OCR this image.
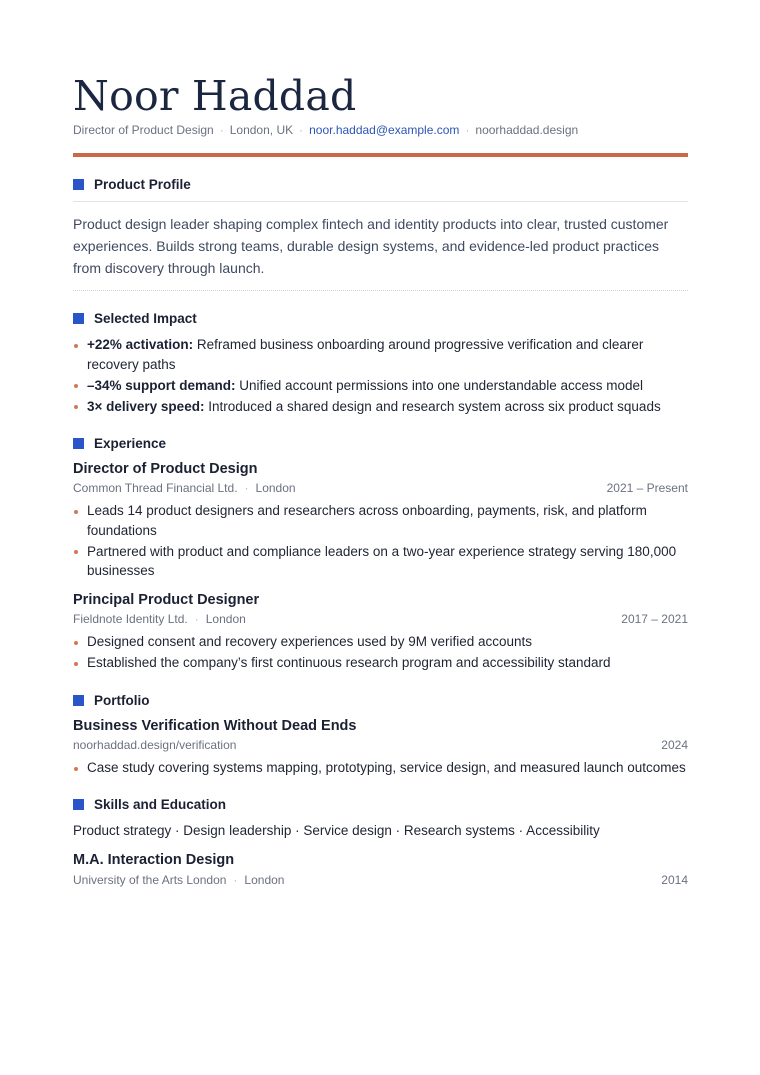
Noor Haddad
Director of Product Design · London, UK · noor.haddad@example.com · noorhaddad.design
Product Profile
Product design leader shaping complex fintech and identity products into clear, trusted customer experiences. Builds strong teams, durable design systems, and evidence-led product practices from discovery through launch.
Selected Impact
+22% activation: Reframed business onboarding around progressive verification and clearer recovery paths
–34% support demand: Unified account permissions into one understandable access model
3× delivery speed: Introduced a shared design and research system across six product squads
Experience
Director of Product Design
Common Thread Financial Ltd. · London	2021 – Present
Leads 14 product designers and researchers across onboarding, payments, risk, and platform foundations
Partnered with product and compliance leaders on a two-year experience strategy serving 180,000 businesses
Principal Product Designer
Fieldnote Identity Ltd. · London	2017 – 2021
Designed consent and recovery experiences used by 9M verified accounts
Established the company’s first continuous research program and accessibility standard
Portfolio
Business Verification Without Dead Ends
noorhaddad.design/verification	2024
Case study covering systems mapping, prototyping, service design, and measured launch outcomes
Skills and Education
Product strategy · Design leadership · Service design · Research systems · Accessibility
M.A. Interaction Design
University of the Arts London · London	2014
